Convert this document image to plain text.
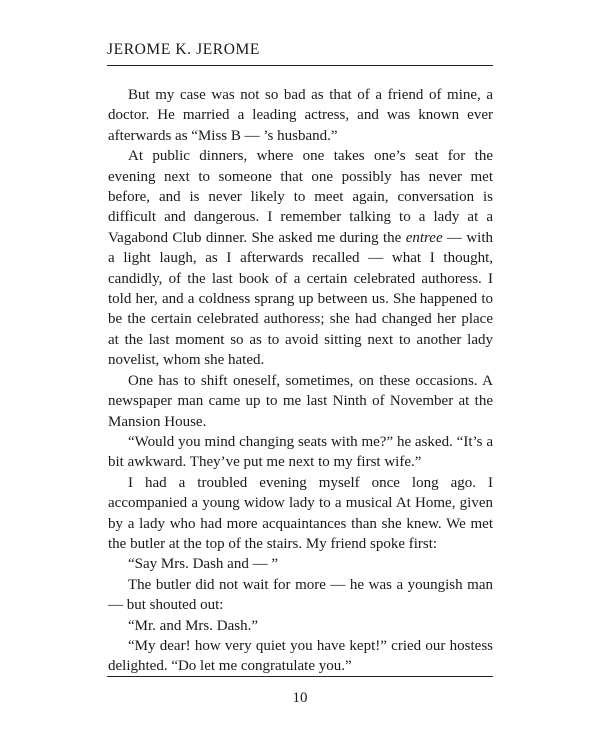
JEROME K. JEROME

But my case was not so bad as that of a friend of mine, a doctor. He married a leading actress, and was known ever afterwards as “Miss B — ’s husband.”

At public dinners, where one takes one’s seat for the evening next to someone that one possibly has never met before, and is never likely to meet again, conversation is difficult and dangerous. I remember talking to a lady at a Vagabond Club dinner. She asked me during the entree — with a light laugh, as I afterwards recalled — what I thought, candidly, of the last book of a certain celebrated authoress. I told her, and a coldness sprang up between us. She happened to be the certain celebrated authoress; she had changed her place at the last moment so as to avoid sitting next to another lady novelist, whom she hated.

One has to shift oneself, sometimes, on these occasions. A newspaper man came up to me last Ninth of November at the Mansion House.

“Would you mind changing seats with me?” he asked. “It’s a bit awkward. They’ve put me next to my first wife.”

I had a troubled evening myself once long ago. I accompanied a young widow lady to a musical At Home, given by a lady who had more acquaintances than she knew. We met the butler at the top of the stairs. My friend spoke first:

“Say Mrs. Dash and — ”

The butler did not wait for more — he was a youngish man — but shouted out:

“Mr. and Mrs. Dash.”

“My dear! how very quiet you have kept!” cried our hostess delighted. “Do let me congratulate you.”

10
